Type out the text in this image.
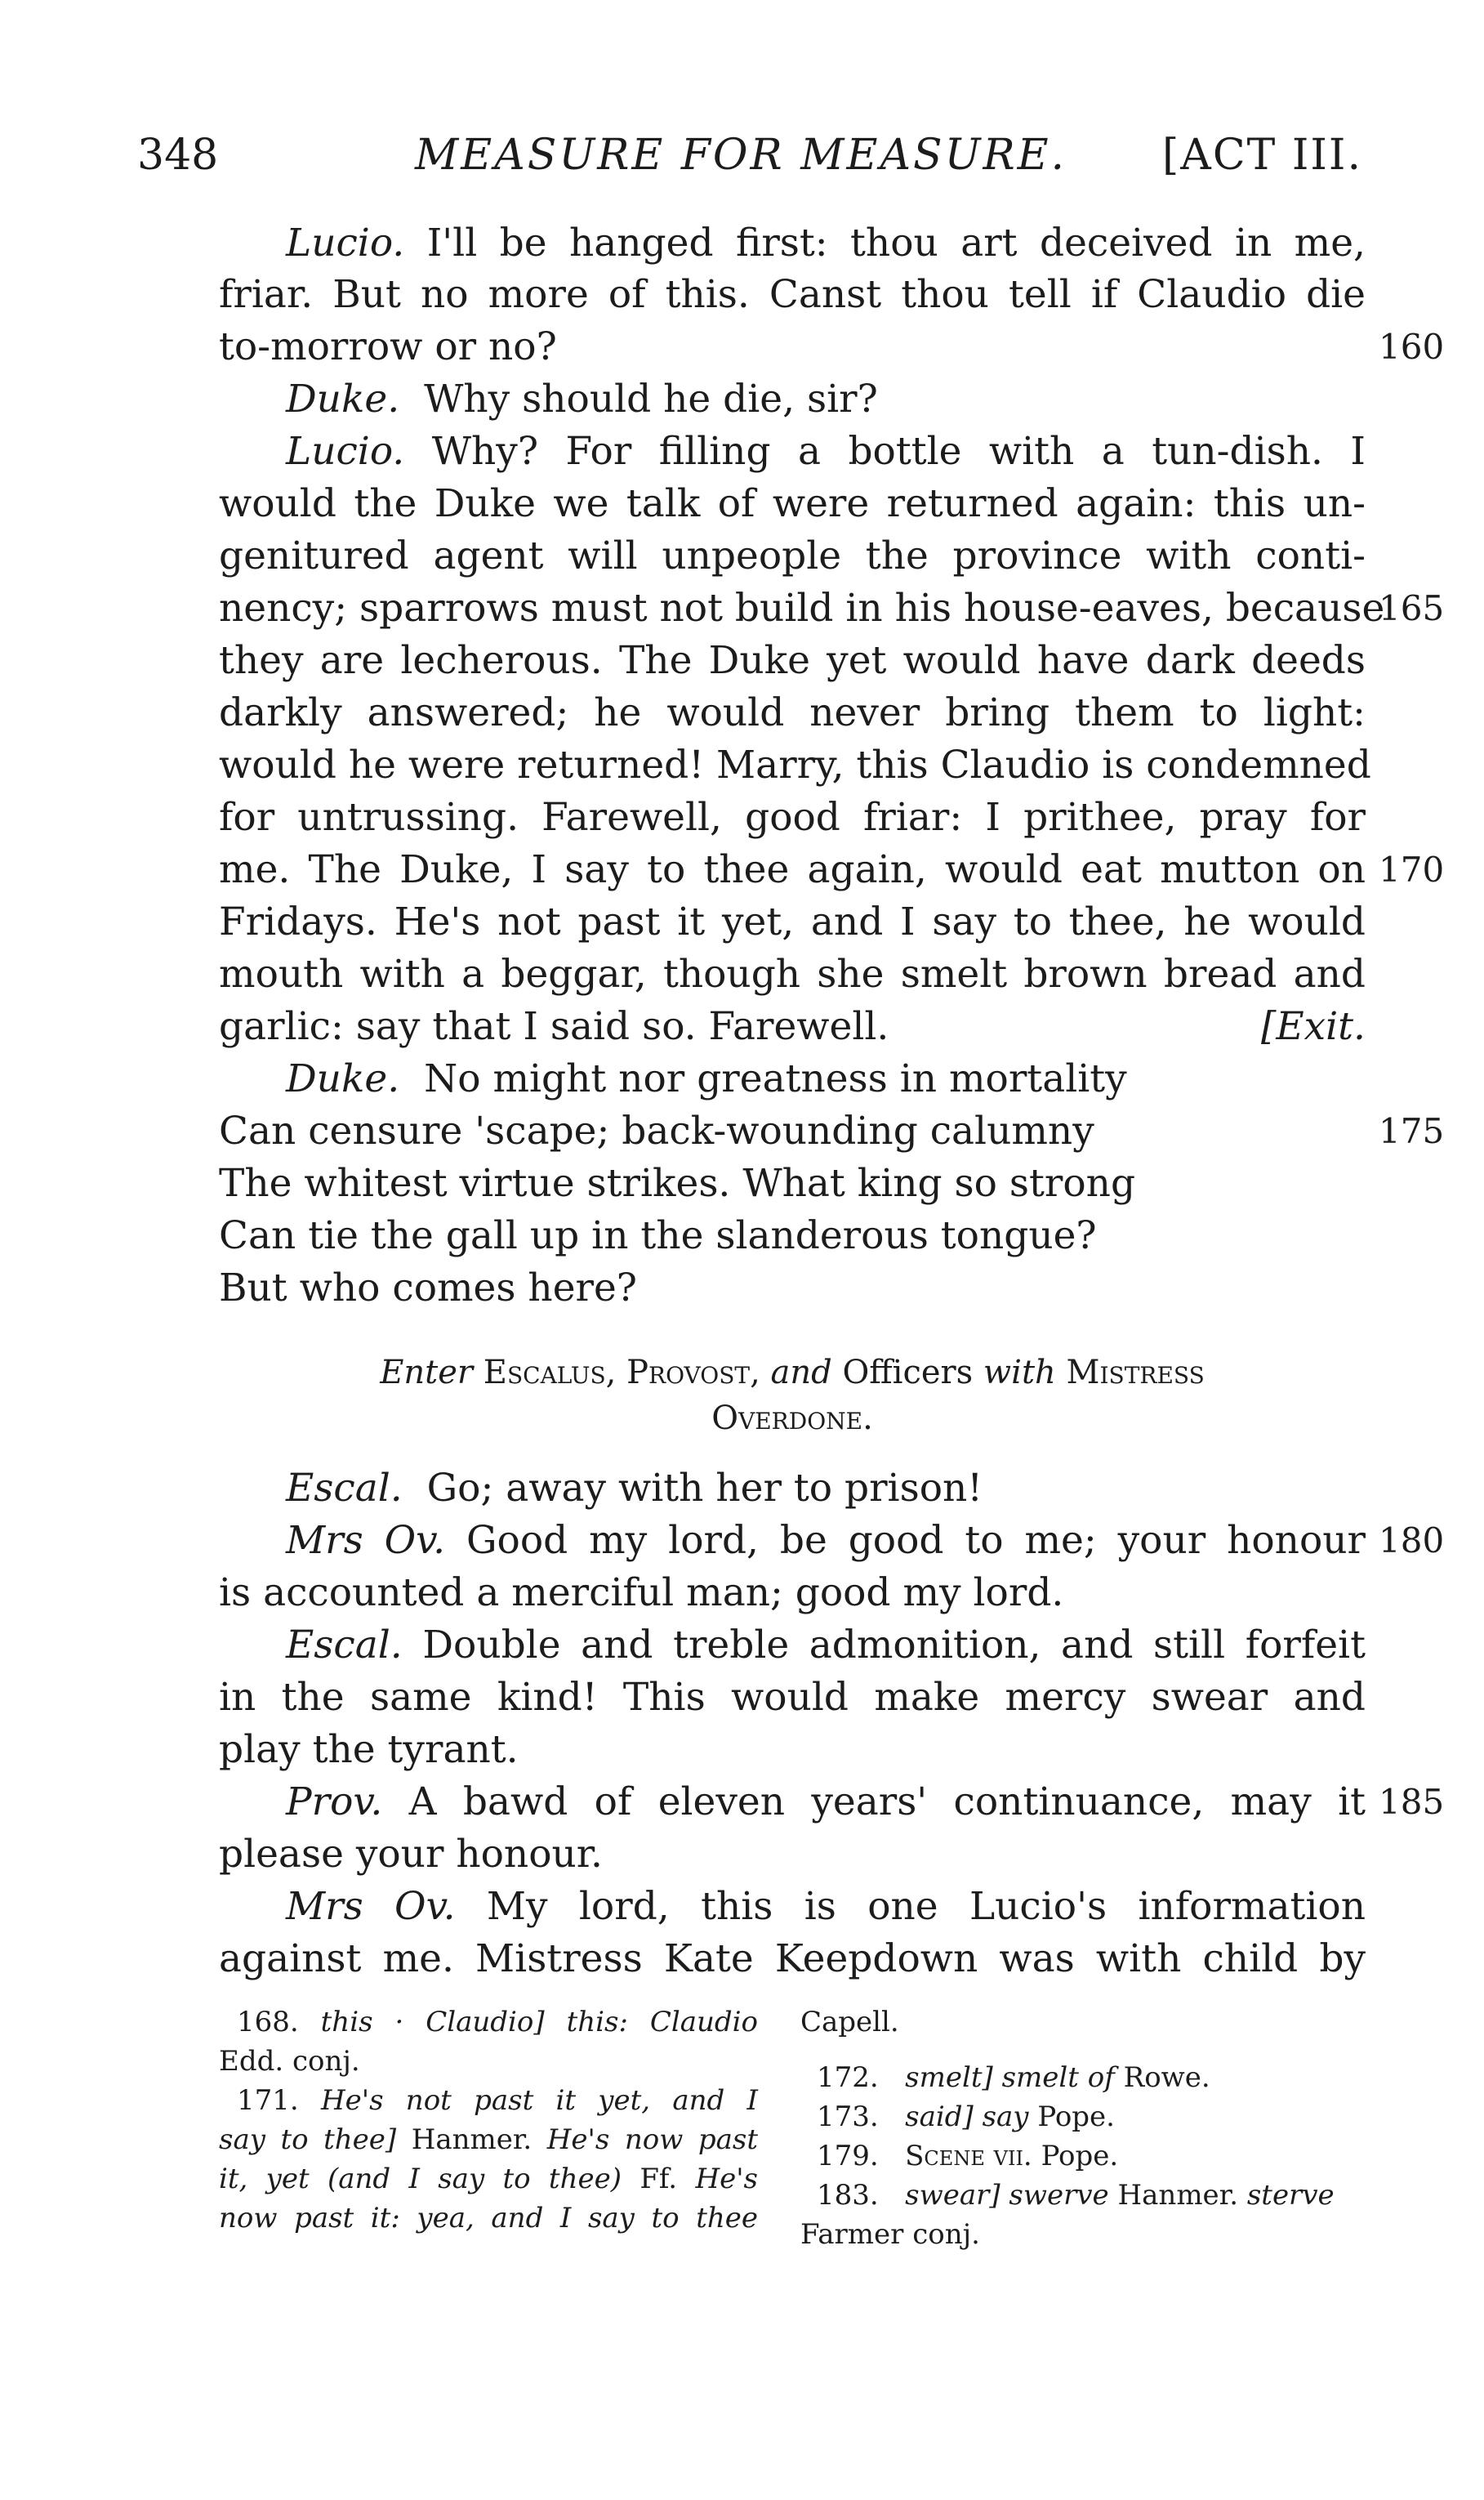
348	MEASURE FOR MEASURE. [ACT III.
Lucio. I'll be hanged first: thou art deceived in me,
friar. But no more of this. Canst thou tell if Claudio die
to-morrow or no?	160
Duke. Why should he die, sir?
Lucio. Why? For filling a bottle with a tun-dish. I
would the Duke we talk of were returned again: this un-
genitured agent will unpeople the province with conti-
nency; sparrows must not build in his house-eaves, because
165
they are lecherous. The Duke yet would have dark deeds
darkly answered; he would never bring them to light:
would he were returned! Marry, this Claudio is condemned
for untrussing. Farewell, good friar: I prithee, pray for
me. The Duke, I say to thee again, would eat mutton on 170
Fridays. He's not past it yet, and I say to thee, he would
mouth with a beggar, though she smelt brown bread and
garlic: say that I said so. Farewell.	[Exit.
Duke. No might nor greatness in mortality
Can censure 'scape; back-wounding calumny	175
The whitest virtue strikes. What king so strong
Can tie the gall up in the slanderous tongue?
But who comes here?
Enter Escalus, Provost, and Officers with Mistress
Overdone.
Escal. Go; away with her to prison!
Mrs Ov. Good my lord, be good to me; your honour 180
is accounted a merciful man; good my lord.
Escal. Double and treble admonition, and still forfeit
in the same kind! This would make mercy swear and
play the tyrant.
Prov. A bawd of eleven years' continuance, may it 185
please your honour.
Mrs Ov. My lord, this is one Lucio's information
against me. Mistress Kate Keepdown was with child by
168. this · Claudio] this: Claudio
Edd. conj.
171. He's not past it yet, and I
say to thee] Hanmer. He's now past
it, yet (and I say to thee) Ff. He's
now past it: yea, and I say to thee
Capell.
172. smelt] smelt of Rowe.
173. said] say Pope.
179. Scene vii. Pope.
183. swear] swerve Hanmer. sterve
Farmer conj.
